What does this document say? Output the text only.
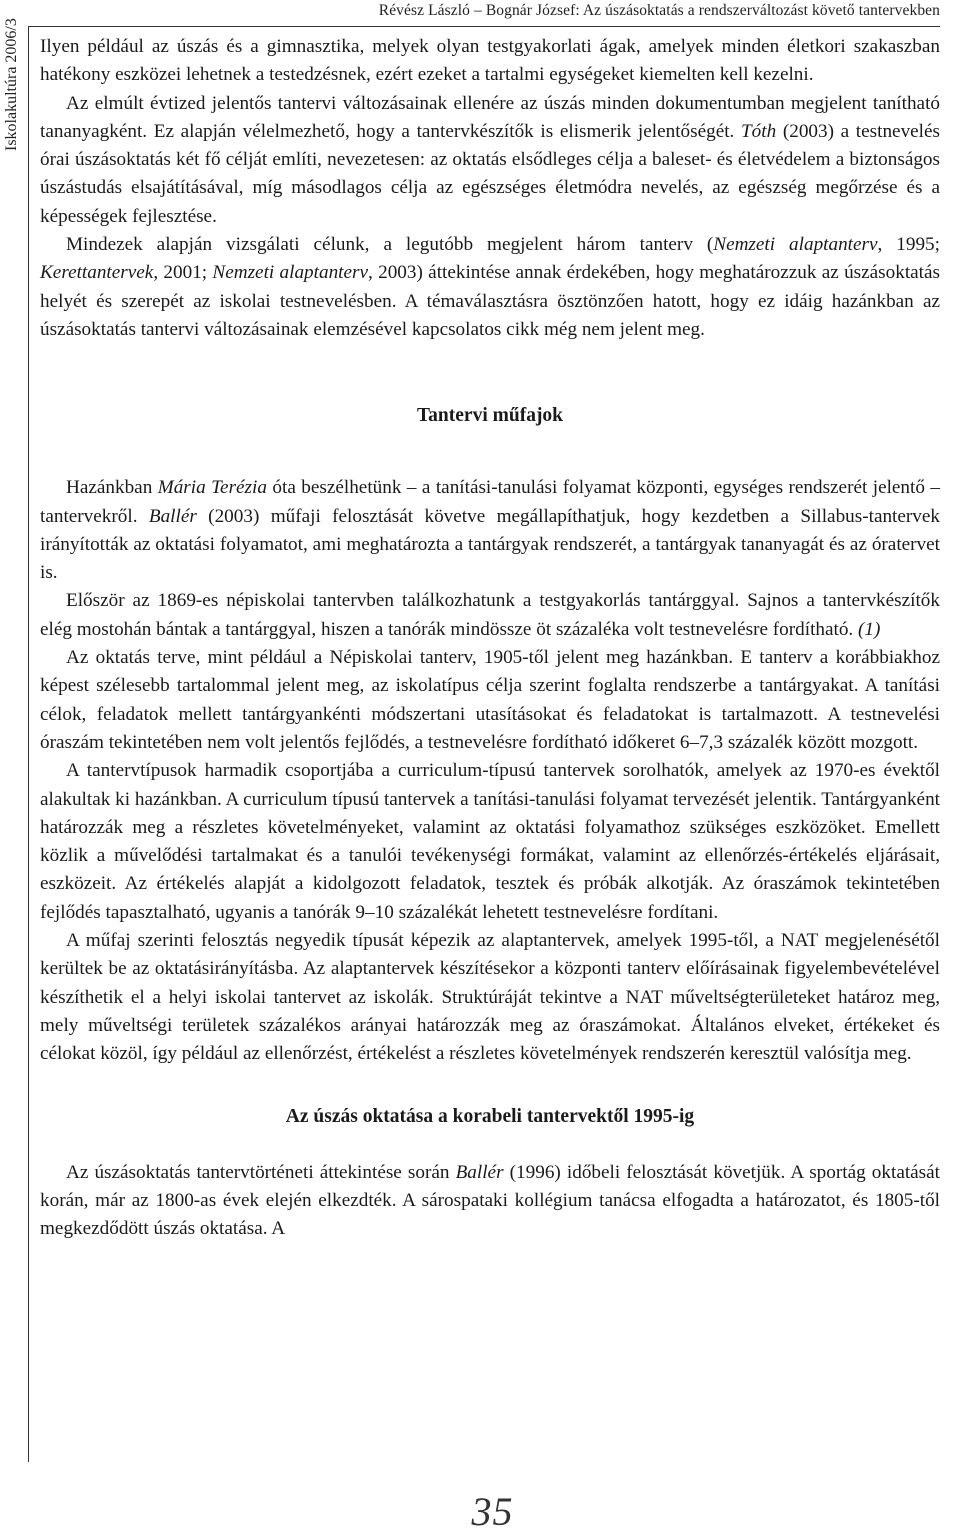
Révész László – Bognár József: Az úszásoktatás a rendszerváltozást követő tantervekben
Iskolakultúra 2006/3 Ilyen például az úszás és a gimnasztika, melyek olyan testgyakorlati ágak, amelyek minden életkori szakaszban hatékony eszközei lehetnek a testedzésnek, ezért ezeket a tartalmi egységeket kiemelten kell kezelni.

Az elmúlt évtized jelentős tantervi változásainak ellenére az úszás minden dokumentumban megjelent tanítható tananyagként. Ez alapján vélelmezhető, hogy a tantervkészítők is elismerik jelentőségét. Tóth (2003) a testnevelés órai úszásoktatás két fő célját említi, nevezetesen: az oktatás elsődleges célja a baleset- és életvédelem a biztonságos úszástudás elsajátításával, míg másodlagos célja az egészséges életmódra nevelés, az egészség megőrzése és a képességek fejlesztése.

Mindezek alapján vizsgálati célunk, a legutóbb megjelent három tanterv (Nemzeti alaptanterv, 1995; Kerettantervek, 2001; Nemzeti alaptanterv, 2003) áttekintése annak érdekében, hogy meghatározzuk az úszásoktatás helyét és szerepét az iskolai testnevelésben. A témaválasztásra ösztönzően hatott, hogy ez idáig hazánkban az úszásoktatás tantervi változásainak elemzésével kapcsolatos cikk még nem jelent meg.

Tantervi műfajok

Hazánkban Mária Terézia óta beszélhetünk – a tanítási-tanulási folyamat központi, egységes rendszerét jelentő – tantervekről. Ballér (2003) műfaji felosztását követve megállapíthatjuk, hogy kezdetben a Sillabus-tantervek irányították az oktatási folyamatot, ami meghatározta a tantárgyak rendszerét, a tantárgyak tananyagát és az óratervet is.

Először az 1869-es népiskolai tantervben találkozhatunk a testgyakorlás tantárggyal. Sajnos a tantervkészítők elég mostohán bántak a tantárggyal, hiszen a tanórák mindössze öt százaléka volt testnevelésre fordítható. (1)

Az oktatás terve, mint például a Népiskolai tanterv, 1905-től jelent meg hazánkban. E tanterv a korábbiakhoz képest szélesebb tartalommal jelent meg, az iskolatípus célja szerint foglalta rendszerbe a tantárgyakat. A tanítási célok, feladatok mellett tantárgyankénti módszertani utasításokat és feladatokat is tartalmazott. A testnevelési óraszám tekintetében nem volt jelentős fejlődés, a testnevelésre fordítható időkeret 6–7,3 százalék között mozgott.

A tantervtípusok harmadik csoportjába a curriculum-típusú tantervek sorolhatók, amelyek az 1970-es évektől alakultak ki hazánkban. A curriculum típusú tantervek a tanítási-tanulási folyamat tervezését jelentik. Tantárgyanként határozzák meg a részletes követelményeket, valamint az oktatási folyamathoz szükséges eszközöket. Emellett közlik a művelődési tartalmakat és a tanulói tevékenységi formákat, valamint az ellenőrzés-értékelés eljárásait, eszközeit. Az értékelés alapját a kidolgozott feladatok, tesztek és próbák alkotják. Az óraszámok tekintetében fejlődés tapasztalható, ugyanis a tanórák 9–10 százalékát lehetett testnevelésre fordítani.

A műfaj szerinti felosztás negyedik típusát képezik az alaptantervek, amelyek 1995-től, a NAT megjelenésétől kerültek be az oktatásirányításba. Az alaptantervek készítésekor a központi tanterv előírásainak figyelembevételével készíthetik el a helyi iskolai tantervet az iskolák. Struktúráját tekintve a NAT műveltségterületeket határoz meg, mely műveltségi területek százalékos arányai határozzák meg az óraszámokat. Általános elveket, értékeket és célokat közöl, így például az ellenőrzést, értékelést a részletes követelmények rendszerén keresztül valósítja meg.

Az úszás oktatása a korabeli tantervektől 1995-ig

Az úszásoktatás tantervtörténeti áttekintése során Ballér (1996) időbeli felosztását követjük. A sportág oktatását korán, már az 1800-as évek elején elkezdték. A sárospataki kollégium tanácsa elfogadta a határozatot, és 1805-től megkezdődött úszás oktatása. A

35
